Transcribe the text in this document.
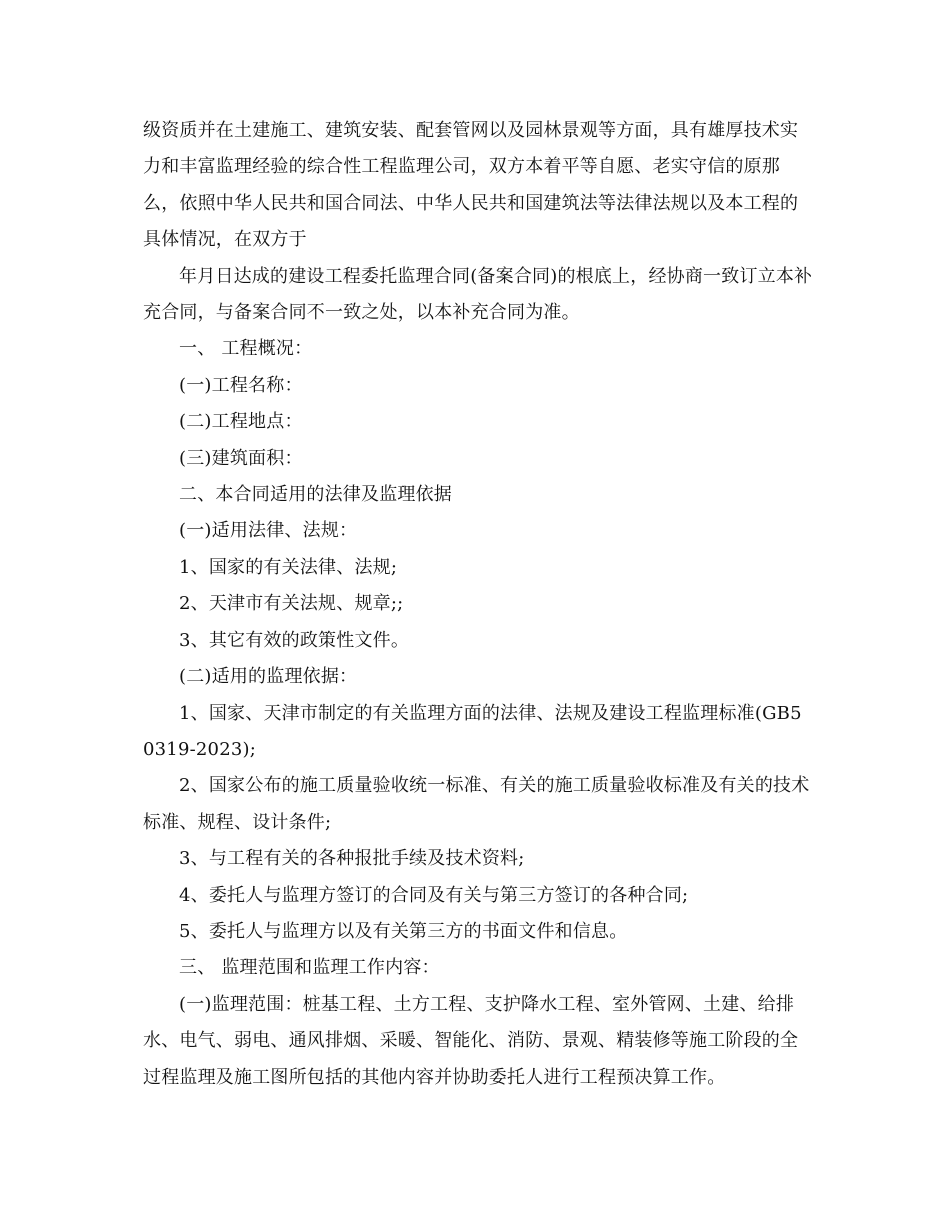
级资质并在土建施工、建筑安装、配套管网以及园林景观等方面，具有雄厚技术实力和丰富监理经验的综合性工程监理公司，双方本着平等自愿、老实守信的原那么，依照中华人民共和国合同法、中华人民共和国建筑法等法律法规以及本工程的具体情况，在双方于

年月日达成的建设工程委托监理合同(备案合同)的根底上，经协商一致订立本补充合同，与备案合同不一致之处，以本补充合同为准。

一、 工程概况：

(一)工程名称：

(二)工程地点：

(三)建筑面积：

二、本合同适用的法律及监理依据

(一)适用法律、法规：

1、国家的有关法律、法规;

2、天津市有关法规、规章;;

3、其它有效的政策性文件。

(二)适用的监理依据：

1、国家、天津市制定的有关监理方面的法律、法规及建设工程监理标准(GB50319-2023);

2、国家公布的施工质量验收统一标准、有关的施工质量验收标准及有关的技术标准、规程、设计条件;

3、与工程有关的各种报批手续及技术资料;

4、委托人与监理方签订的合同及有关与第三方签订的各种合同;

5、委托人与监理方以及有关第三方的书面文件和信息。

三、 监理范围和监理工作内容：

(一)监理范围：桩基工程、土方工程、支护降水工程、室外管网、土建、给排水、电气、弱电、通风排烟、采暖、智能化、消防、景观、精装修等施工阶段的全过程监理及施工图所包括的其他内容并协助委托人进行工程预决算工作。
